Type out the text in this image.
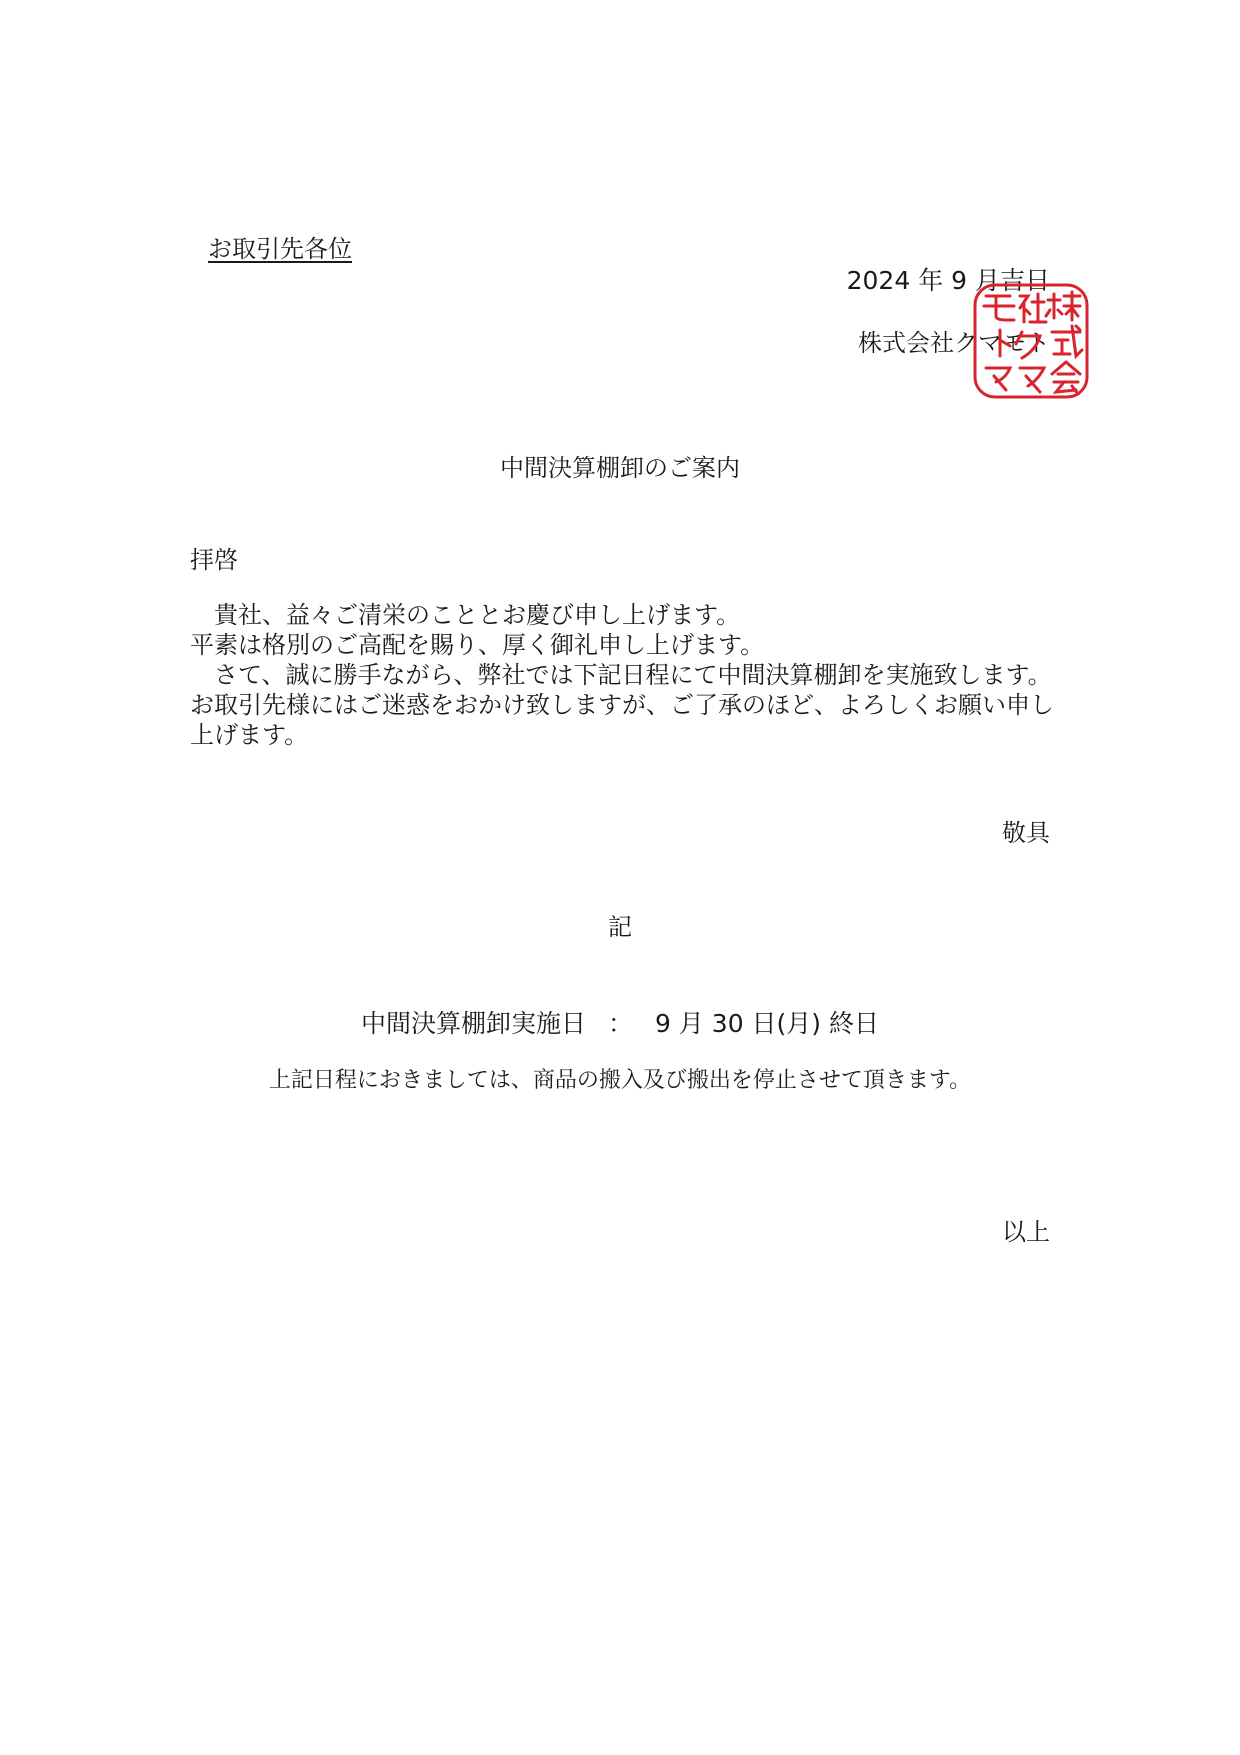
お取引先各位
2024 年 9 月吉日
株式会社クマモト
中間決算棚卸のご案内
拝啓

貴社、益々ご清栄のこととお慶び申し上げます。

平素は格別のご高配を賜り、厚く御礼申し上げます。

さて、誠に勝手ながら、弊社では下記日程にて中間決算棚卸を実施致します。

お取引先様にはご迷惑をおかけ致しますが、ご了承のほど、よろしくお願い申し上げます。

敬具
記
中間決算棚卸実施日 ： 9 月 30 日(月) 終日
上記日程におきましては、商品の搬入及び搬出を停止させて頂きます。
以上
